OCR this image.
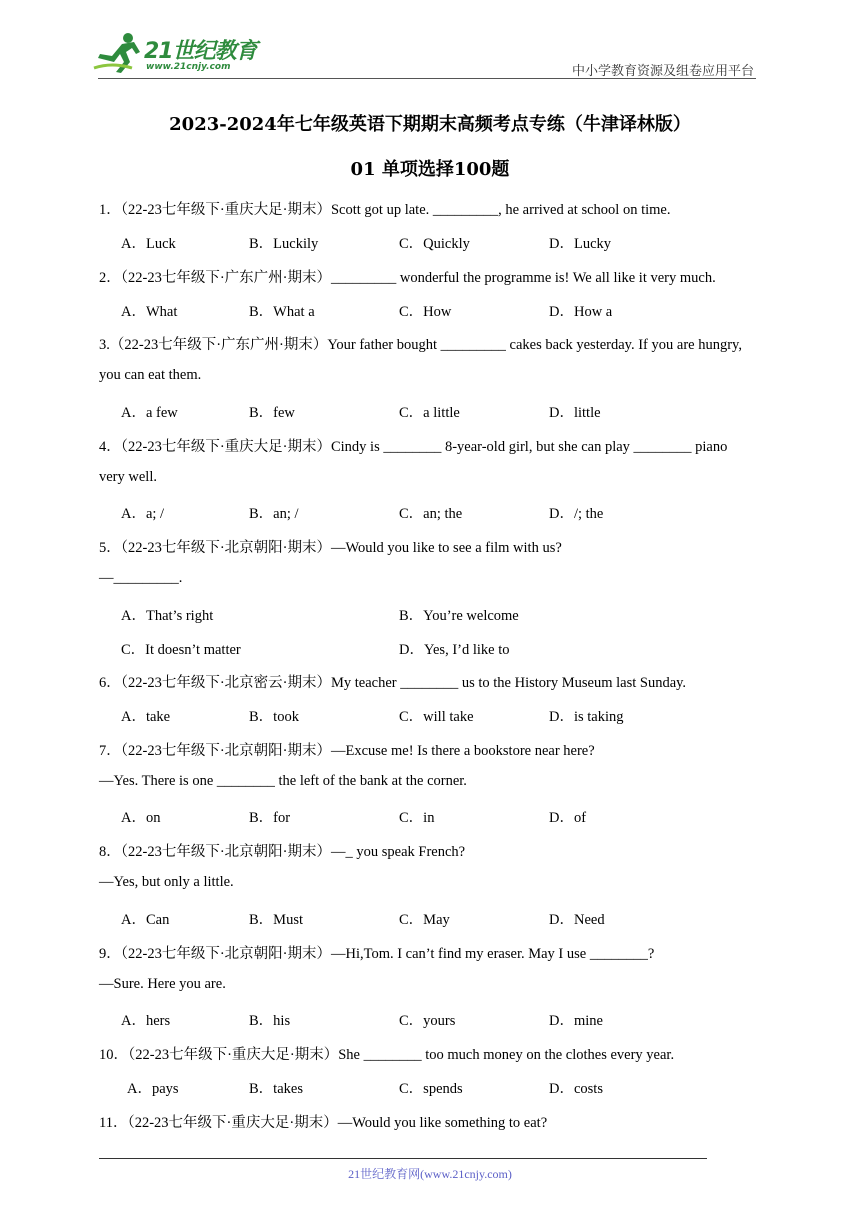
21世纪教育
www.21cnjy.com	中小学教育资源及组卷应用平台
2023-2024年七年级英语下期期末高频考点专练（牛津译林版）
01 单项选择100题
1．（22-23七年级下·重庆大足·期末）Scott got up late. _________, he arrived at school on time.
A．Luck	B．Luckily	C．Quickly	D．Lucky
2．（22-23七年级下·广东广州·期末）_________ wonderful the programme is! We all like it very much.
A．What	B．What a	C．How	D．How a
3.（22-23七年级下·广东广州·期末）Your father bought _________ cakes back yesterday. If you are hungry,
you can eat them.
A．a few	B．few	C．a little	D．little
4．（22-23七年级下·重庆大足·期末）Cindy is ________ 8-year-old girl, but she can play ________ piano
very well.
A．a; /	B．an; /	C．an; the	D．/; the
5．（22-23七年级下·北京朝阳·期末）—Would you like to see a film with us?
—_________.
A．That’s right	B．You’re welcome
C．It doesn’t matter	D．Yes, I’d like to
6．（22-23七年级下·北京密云·期末）My teacher ________ us to the History Museum last Sunday.
A．take	B．took	C．will take	D．is taking
7．（22-23七年级下·北京朝阳·期末）—Excuse me! Is there a bookstore near here?
—Yes. There is one ________ the left of the bank at the corner.
A．on	B．for	C．in	D．of
8．（22-23七年级下·北京朝阳·期末）—_ you speak French?
—Yes, but only a little.
A．Can	B．Must	C．May	D．Need
9．（22-23七年级下·北京朝阳·期末）—Hi,Tom. I can’t find my eraser. May I use ________?
—Sure. Here you are.
A．hers	B．his	C．yours	D．mine
10．（22-23七年级下·重庆大足·期末）She ________ too much money on the clothes every year.
A．pays	B．takes	C．spends	D．costs
11．（22-23七年级下·重庆大足·期末）—Would you like something to eat?
21世纪教育网(www.21cnjy.com)
